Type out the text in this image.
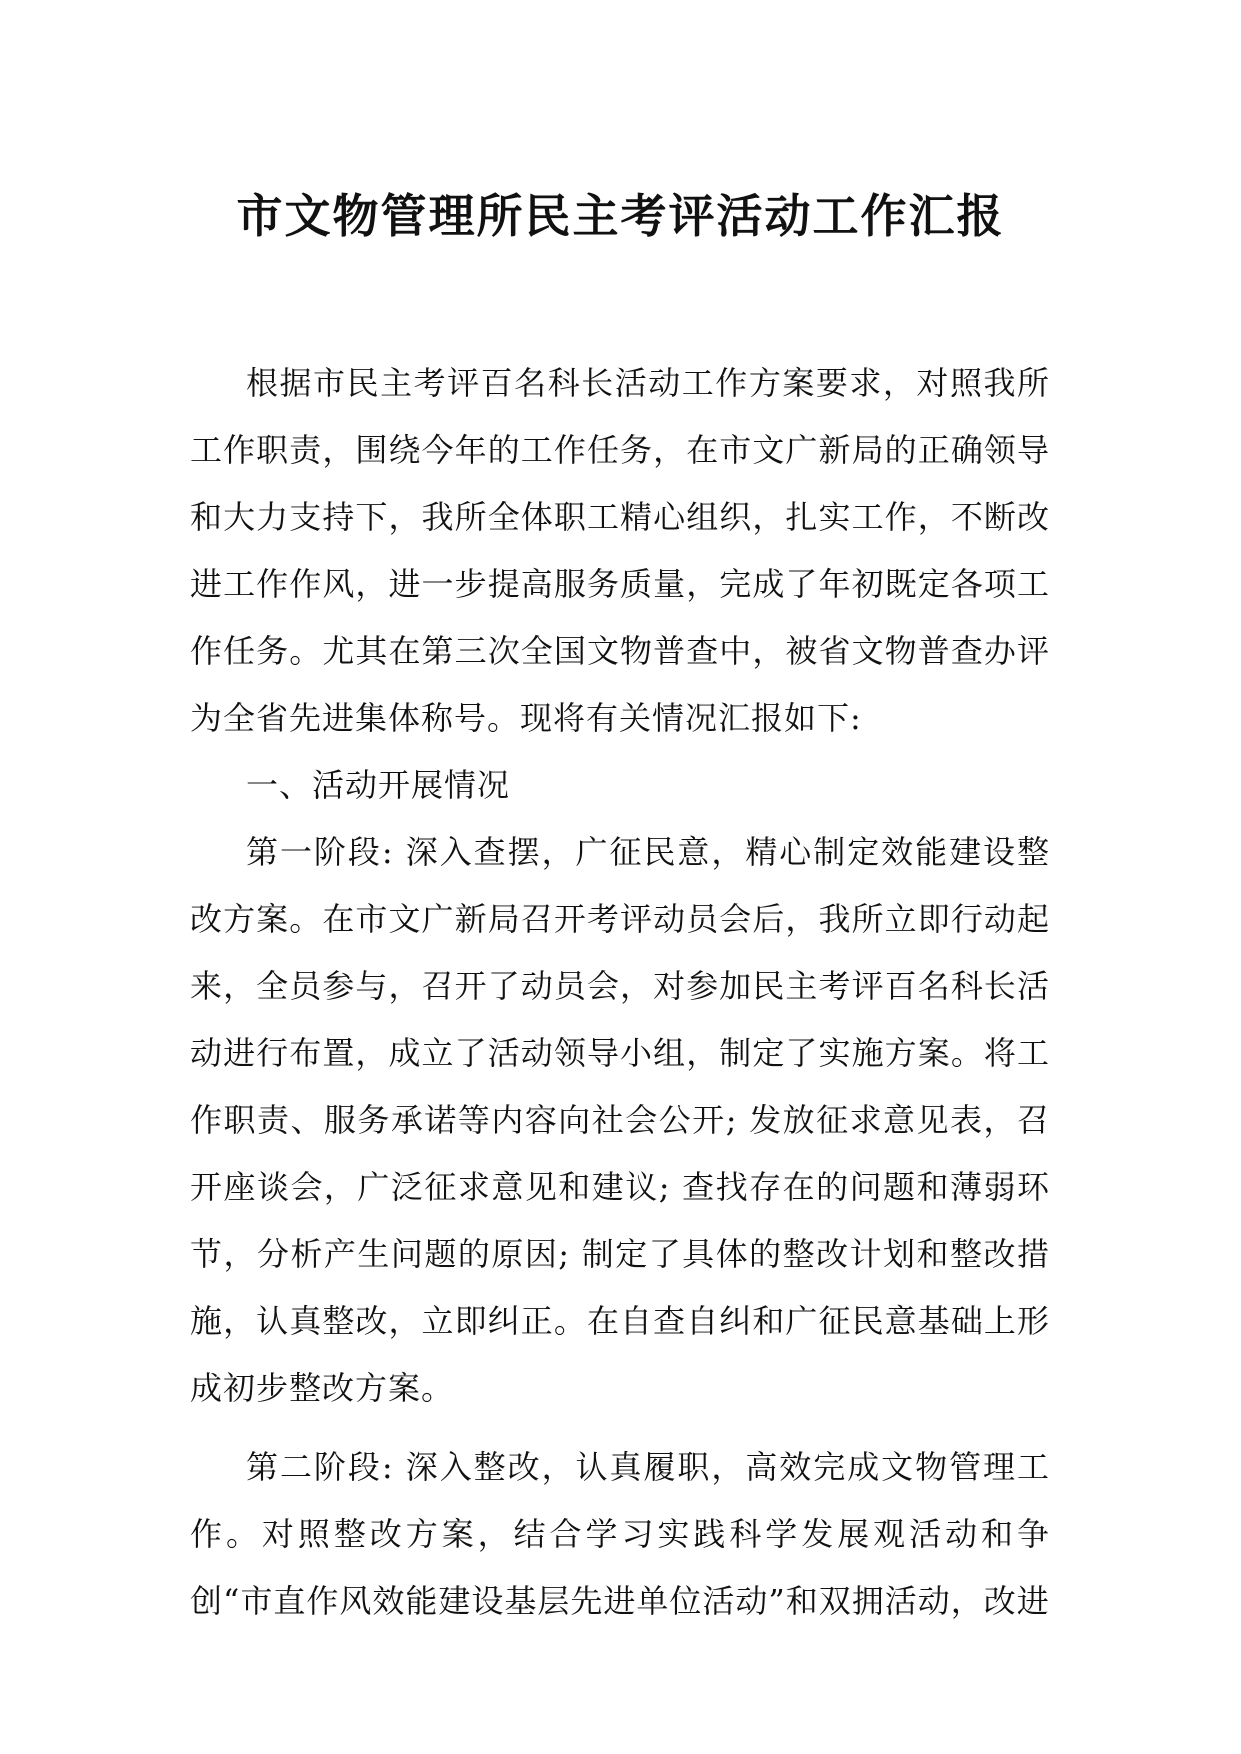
市文物管理所民主考评活动工作汇报

根据市民主考评百名科长活动工作方案要求，对照我所工作职责，围绕今年的工作任务，在市文广新局的正确领导和大力支持下，我所全体职工精心组织，扎实工作，不断改进工作作风，进一步提高服务质量，完成了年初既定各项工作任务。尤其在第三次全国文物普查中，被省文物普查办评为全省先进集体称号。现将有关情况汇报如下:

一、活动开展情况

第一阶段: 深入查摆，广征民意，精心制定效能建设整改方案。在市文广新局召开考评动员会后，我所立即行动起来，全员参与，召开了动员会，对参加民主考评百名科长活动进行布置，成立了活动领导小组，制定了实施方案。将工作职责、服务承诺等内容向社会公开; 发放征求意见表，召开座谈会，广泛征求意见和建议; 查找存在的问题和薄弱环节，分析产生问题的原因; 制定了具体的整改计划和整改措施，认真整改，立即纠正。在自查自纠和广征民意基础上形成初步整改方案。

第二阶段: 深入整改，认真履职，高效完成文物管理工作。对照整改方案，结合学习实践科学发展观活动和争创“市直作风效能建设基层先进单位活动”和双拥活动，改进
